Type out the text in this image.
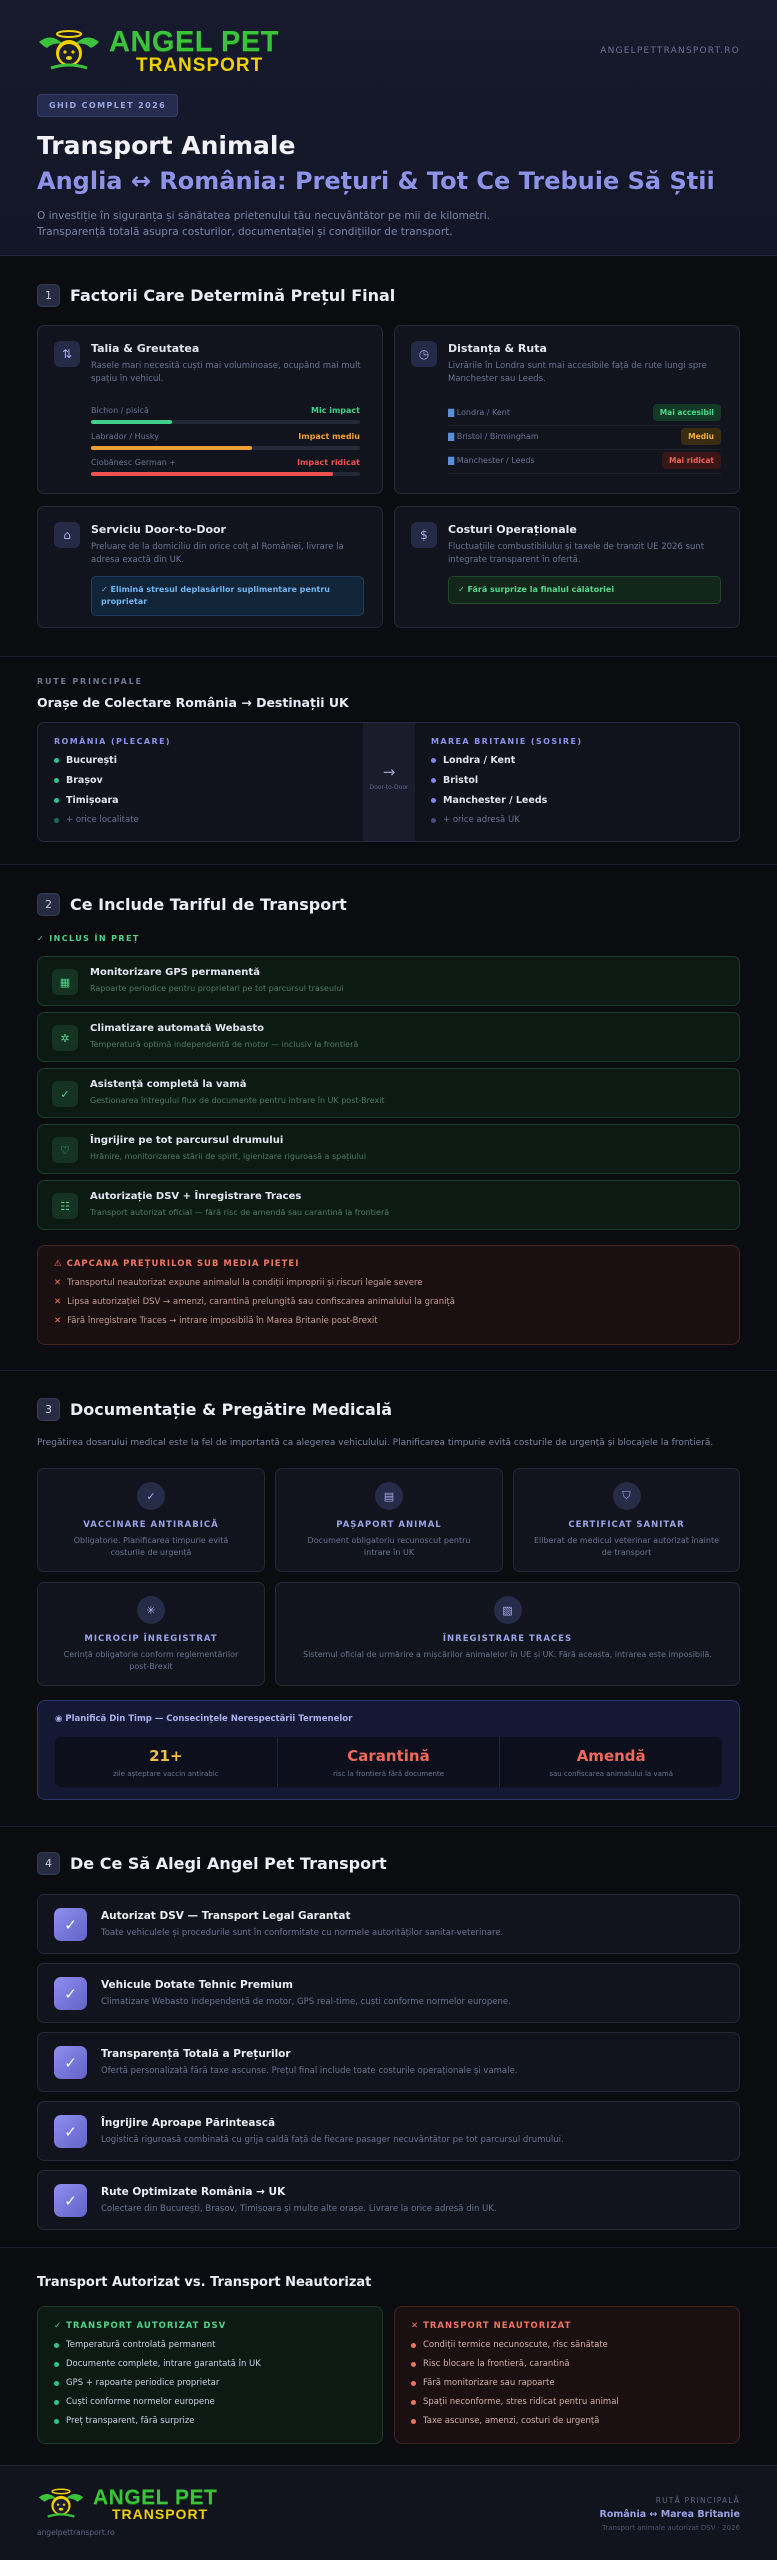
ANGEL PET
TRANSPORT
ANGELPETTRANSPORT.RO
GHID COMPLET 2026
Transport Animale
Anglia ↔ România: Prețuri & Tot Ce Trebuie Să Știi
O investiție în siguranța și sănătatea prietenului tău necuvântător pe mii de kilometri.
Transparență totală asupra costurilor, documentației și condițiilor de transport.
1	Factorii Care Determină Prețul Final
⇅	Talia & Greutatea
Rasele mari necesită cuști mai voluminoase, ocupând mai mult spațiu în vehicul.
Bichon / pisică	Mic impact
Labrador / Husky	Impact mediu
Ciobănesc German +	Impact ridicat
◷	Distanța & Ruta
Livrările în Londra sunt mai accesibile față de rute lungi spre Manchester sau Leeds.
▇ Londra / Kent	Mai accesibil
▇ Bristol / Birmingham	Mediu
▇ Manchester / Leeds	Mai ridicat
⌂	Serviciu Door-to-Door
Preluare de la domiciliu din orice colț al României, livrare la adresa exactă din UK.
✓ Elimină stresul deplasărilor suplimentare pentru proprietar
$	Costuri Operaționale
Fluctuațiile combustibilului și taxele de tranzit UE 2026 sunt integrate transparent în ofertă.
✓ Fără surprize la finalul călătoriei
RUTE PRINCIPALE
Orașe de Colectare România → Destinații UK
ROMÂNIA (PLECARE)
București
Brașov
Timișoara
+ orice localitate
→
Door-to-Door
MAREA BRITANIE (SOSIRE)
Londra / Kent
Bristol
Manchester / Leeds
+ orice adresă UK
2	Ce Include Tariful de Transport
✓ INCLUS ÎN PREȚ
▦
Monitorizare GPS permanentă
Rapoarte periodice pentru proprietari pe tot parcursul traseului
✲
Climatizare automată Webasto
Temperatură optimă independentă de motor — inclusiv la frontieră
✓
Asistență completă la vamă
Gestionarea întregului flux de documente pentru intrare în UK post-Brexit
♡
Îngrijire pe tot parcursul drumului
Hrănire, monitorizarea stării de spirit, igienizare riguroasă a spațiului
☷
Autorizație DSV + Înregistrare Traces
Transport autorizat oficial — fără risc de amendă sau carantină la frontieră
⚠ CAPCANA PREȚURILOR SUB MEDIA PIEȚEI
✕ Transportul neautorizat expune animalul la condiții improprii și riscuri legale severe
✕ Lipsa autorizației DSV → amenzi, carantină prelungită sau confiscarea animalului la graniță
✕ Fără înregistrare Traces → intrare imposibilă în Marea Britanie post-Brexit
3	Documentație & Pregătire Medicală
Pregătirea dosarului medical este la fel de importantă ca alegerea vehiculului. Planificarea timpurie evită costurile de urgență și blocajele la frontieră.
✓
VACCINARE ANTIRABICĂ
Obligatorie. Planificarea timpurie evită costurile de urgență
▤
PAȘAPORT ANIMAL
Document obligatoriu recunoscut pentru intrare în UK
⛉
CERTIFICAT SANITAR
Eliberat de medicul veterinar autorizat înainte de transport
✳
MICROCIP ÎNREGISTRAT
Cerință obligatorie conform reglementărilor post-Brexit
▧
ÎNREGISTRARE TRACES
Sistemul oficial de urmărire a mișcărilor animalelor în UE și UK. Fără aceasta, intrarea este imposibilă.
◉ Planifică Din Timp — Consecințele Nerespectării Termenelor
21+
zile așteptare vaccin antirabic
Carantină
risc la frontieră fără documente
Amendă
sau confiscarea animalului la vamă
4	De Ce Să Alegi Angel Pet Transport
✓	Autorizat DSV — Transport Legal Garantat
Toate vehiculele și procedurile sunt în conformitate cu normele autorităților sanitar-veterinare.
✓	Vehicule Dotate Tehnic Premium
Climatizare Webasto independentă de motor, GPS real-time, cuști conforme normelor europene.
✓	Transparență Totală a Prețurilor
Ofertă personalizată fără taxe ascunse. Prețul final include toate costurile operaționale și vamale.
✓	Îngrijire Aproape Părintească
Logistică riguroasă combinată cu grija caldă față de fiecare pasager necuvântător pe tot parcursul drumului.
✓	Rute Optimizate România → UK
Colectare din București, Brașov, Timișoara și multe alte orașe. Livrare la orice adresă din UK.
Transport Autorizat vs. Transport Neautorizat
✓ TRANSPORT AUTORIZAT DSV
Temperatură controlată permanent
Documente complete, intrare garantată în UK
GPS + rapoarte periodice proprietar
Cuști conforme normelor europene
Preț transparent, fără surprize
✕ TRANSPORT NEAUTORIZAT
Condiții termice necunoscute, risc sănătate
Risc blocare la frontieră, carantină
Fără monitorizare sau rapoarte
Spații neconforme, stres ridicat pentru animal
Taxe ascunse, amenzi, costuri de urgență
ANGEL PET
TRANSPORT
angelpettransport.ro
RUTĂ PRINCIPALĂ
România ↔ Marea Britanie
Transport animale autorizat DSV · 2026
